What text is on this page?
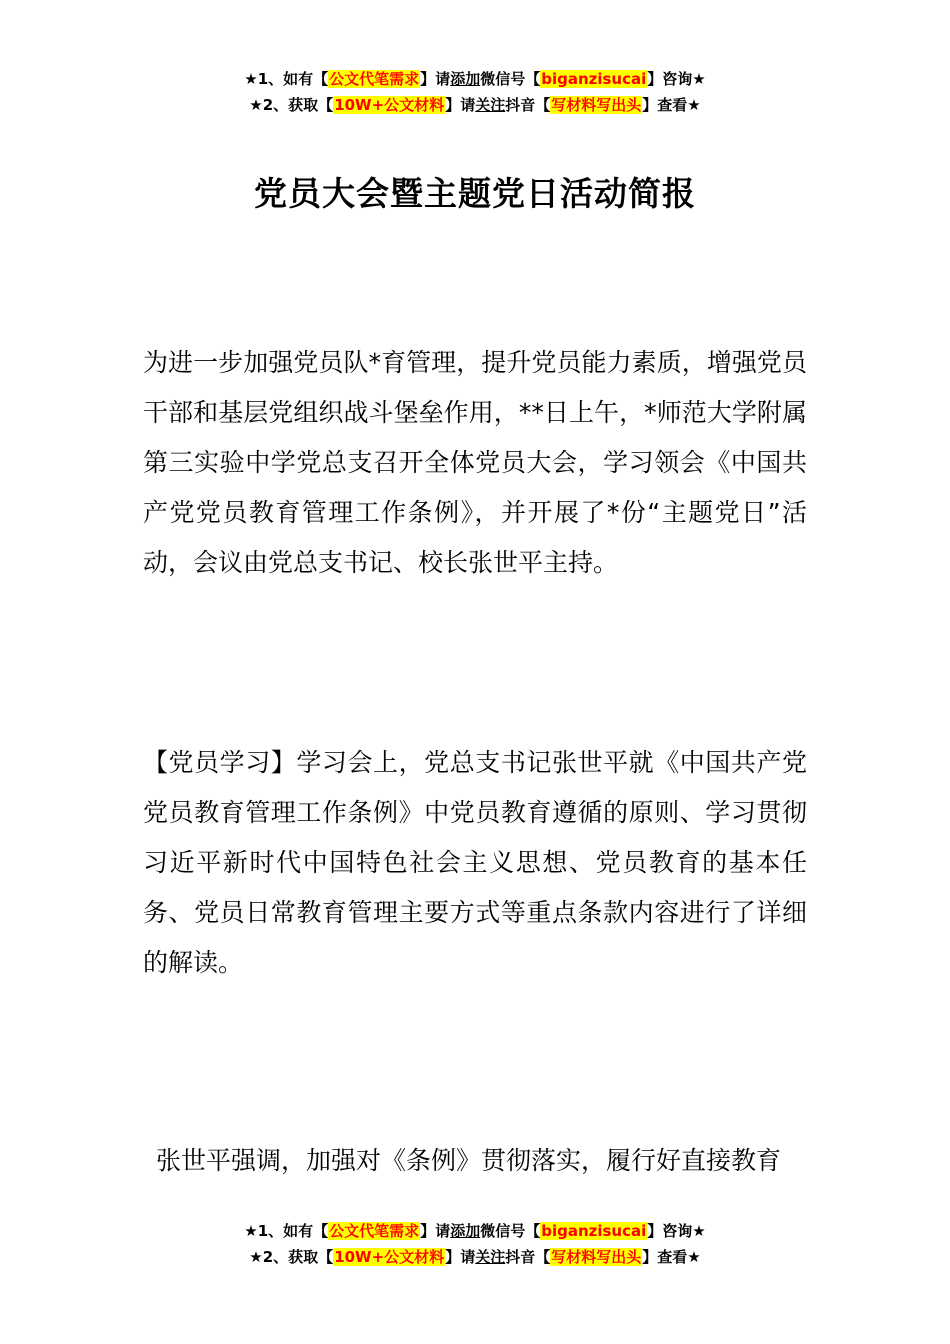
★1、如有【公文代笔需求】请添加微信号【biganzisucai】咨询★
★2、获取【10W+公文材料】请关注抖音【写材料写出头】查看★
党员大会暨主题党日活动简报

为进一步加强党员队*育管理，提升党员能力素质，增强党员干部和基层党组织战斗堡垒作用，**日上午，*师范大学附属第三实验中学党总支召开全体党员大会，学习领会《中国共产党党员教育管理工作条例》，并开展了*份“主题党日”活动，会议由党总支书记、校长张世平主持。

【党员学习】学习会上，党总支书记张世平就《中国共产党党员教育管理工作条例》中党员教育遵循的原则、学习贯彻习近平新时代中国特色社会主义思想、党员教育的基本任务、党员日常教育管理主要方式等重点条款内容进行了详细的解读。

张世平强调，加强对《条例》贯彻落实，履行好直接教育

★1、如有【公文代笔需求】请添加微信号【biganzisucai】咨询★
★2、获取【10W+公文材料】请关注抖音【写材料写出头】查看★
